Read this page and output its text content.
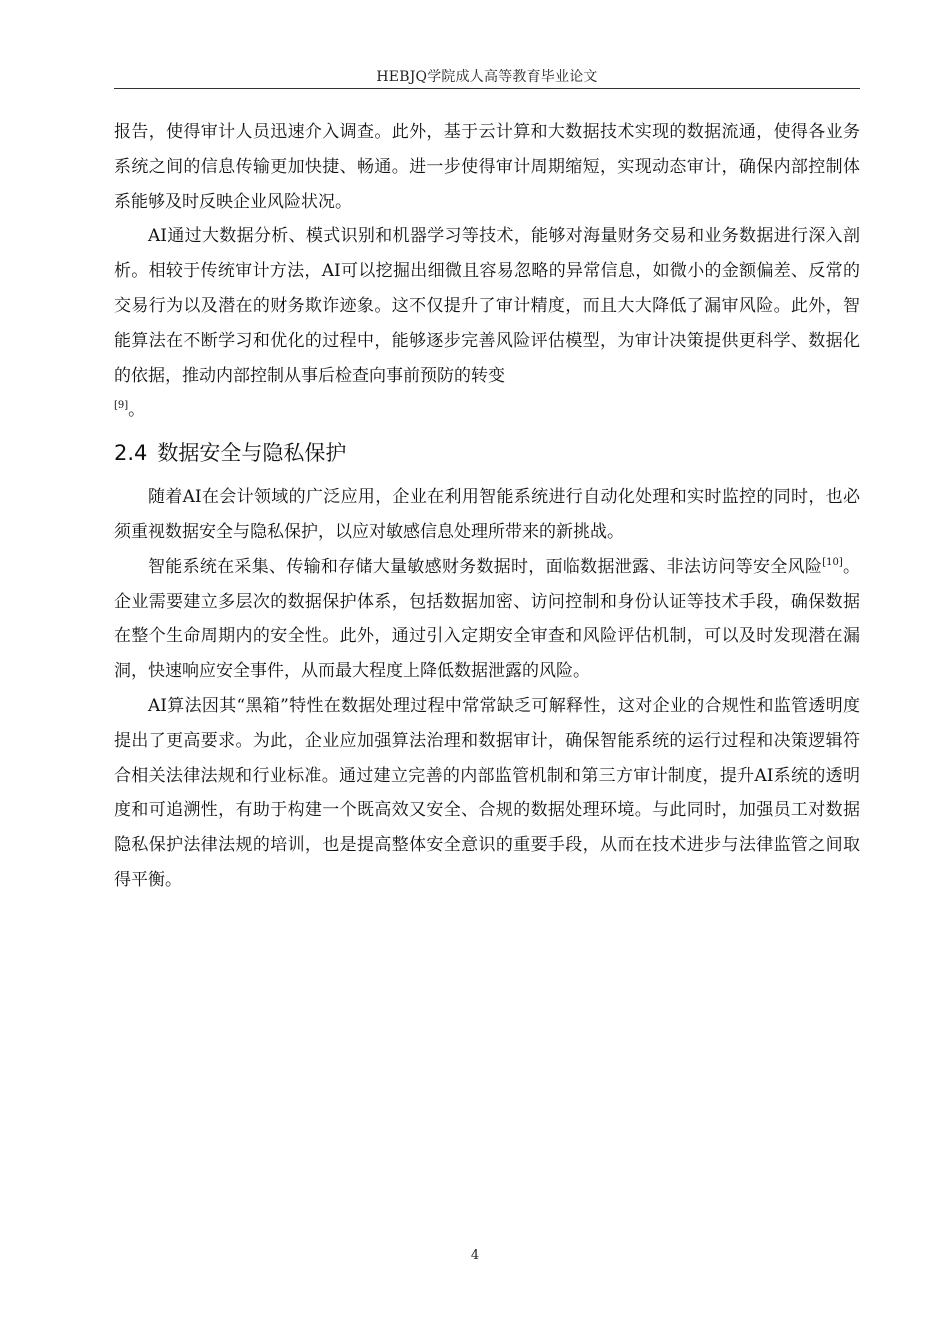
HEBJQ学院成人高等教育毕业论文

报告，使得审计人员迅速介入调查。此外，基于云计算和大数据技术实现的数据流通，使得各业务系统之间的信息传输更加快捷、畅通。进一步使得审计周期缩短，实现动态审计，确保内部控制体系能够及时反映企业风险状况。

AI通过大数据分析、模式识别和机器学习等技术，能够对海量财务交易和业务数据进行深入剖析。相较于传统审计方法，AI可以挖掘出细微且容易忽略的异常信息，如微小的金额偏差、反常的交易行为以及潜在的财务欺诈迹象。这不仅提升了审计精度，而且大大降低了漏审风险。此外，智能算法在不断学习和优化的过程中，能够逐步完善风险评估模型，为审计决策提供更科学、数据化的依据，推动内部控制从事后检查向事前预防的转变

[9]。

2.4 数据安全与隐私保护

随着AI在会计领域的广泛应用，企业在利用智能系统进行自动化处理和实时监控的同时，也必须重视数据安全与隐私保护，以应对敏感信息处理所带来的新挑战。

智能系统在采集、传输和存储大量敏感财务数据时，面临数据泄露、非法访问等安全风险[10]。企业需要建立多层次的数据保护体系，包括数据加密、访问控制和身份认证等技术手段，确保数据在整个生命周期内的安全性。此外，通过引入定期安全审查和风险评估机制，可以及时发现潜在漏洞，快速响应安全事件，从而最大程度上降低数据泄露的风险。

AI算法因其“黑箱”特性在数据处理过程中常常缺乏可解释性，这对企业的合规性和监管透明度提出了更高要求。为此，企业应加强算法治理和数据审计，确保智能系统的运行过程和决策逻辑符合相关法律法规和行业标准。通过建立完善的内部监管机制和第三方审计制度，提升AI系统的透明度和可追溯性，有助于构建一个既高效又安全、合规的数据处理环境。与此同时，加强员工对数据隐私保护法律法规的培训，也是提高整体安全意识的重要手段，从而在技术进步与法律监管之间取得平衡。

4
